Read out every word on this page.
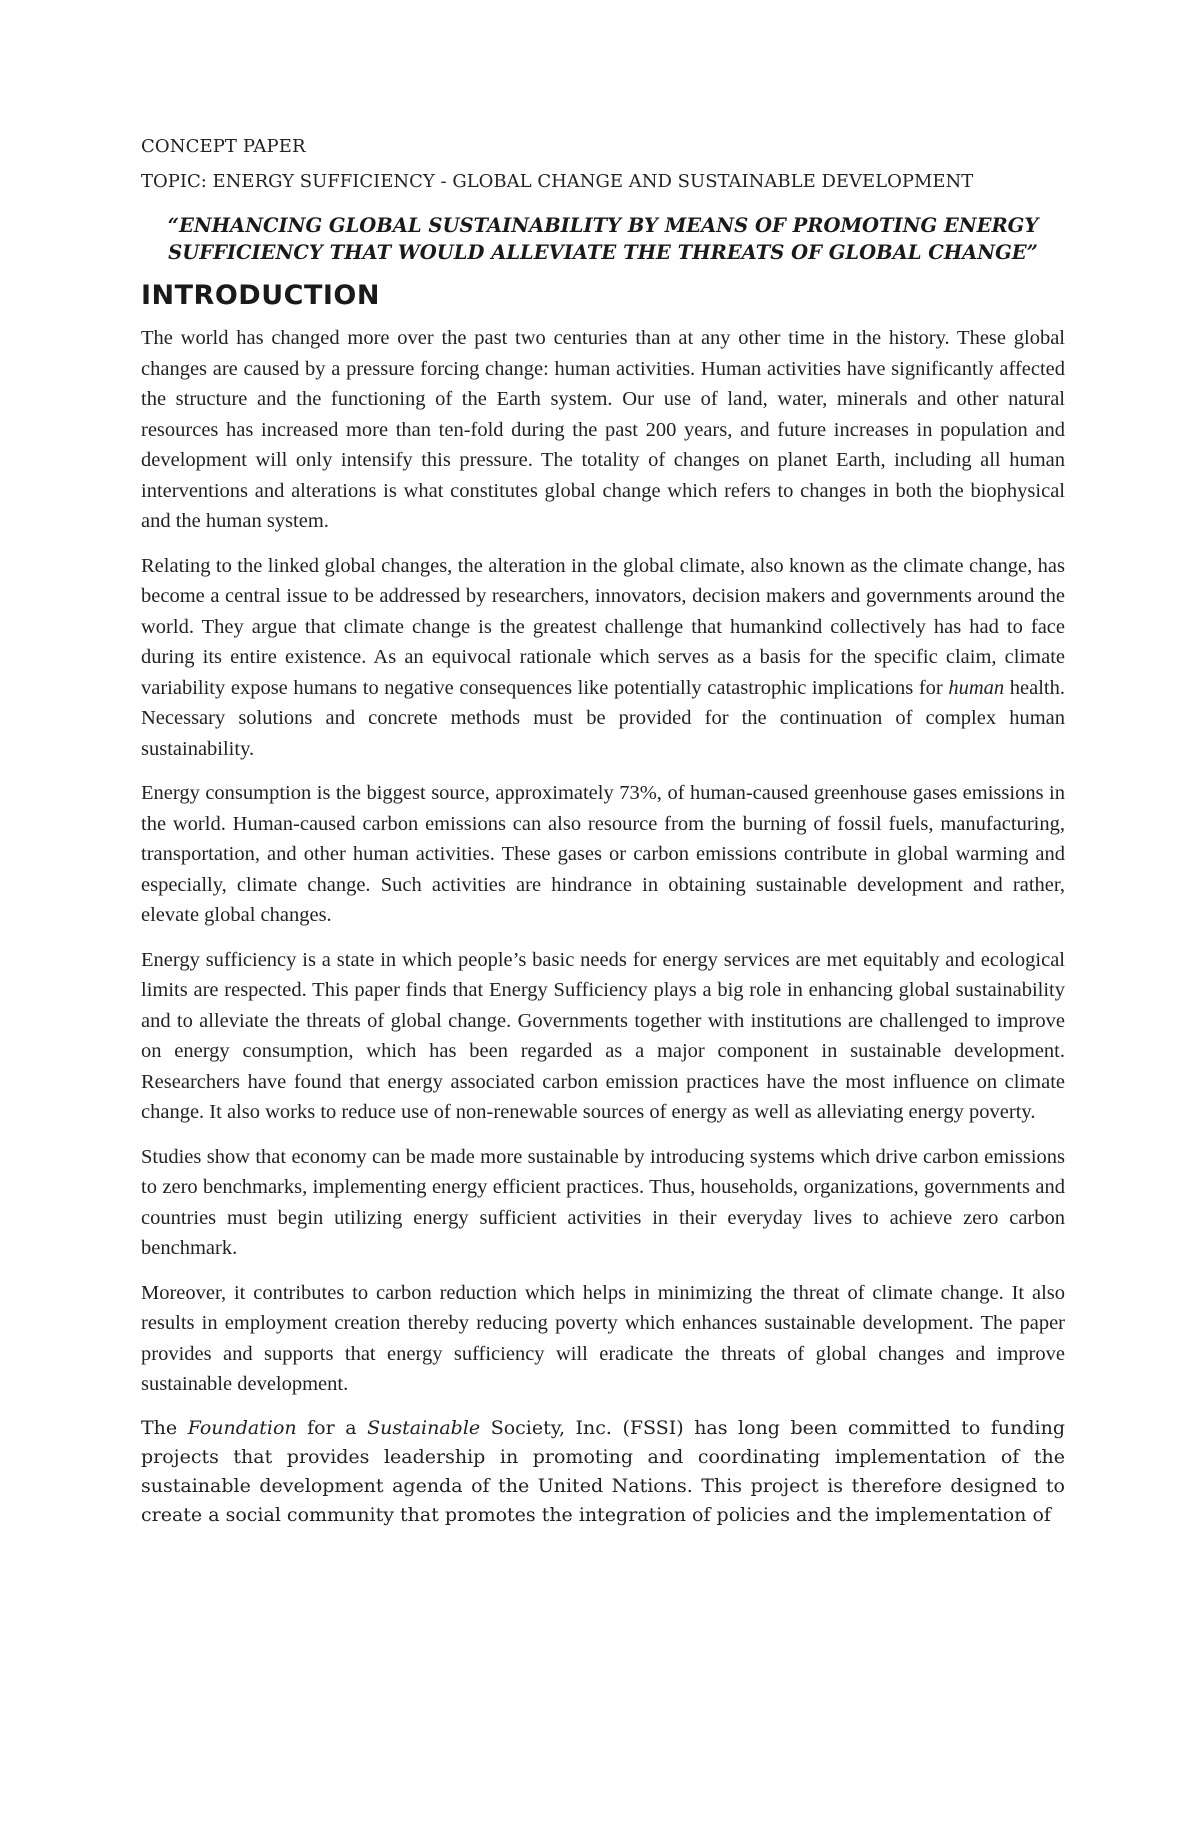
CONCEPT PAPER

TOPIC: ENERGY SUFFICIENCY - GLOBAL CHANGE AND SUSTAINABLE DEVELOPMENT

“ENHANCING GLOBAL SUSTAINABILITY BY MEANS OF PROMOTING ENERGY
SUFFICIENCY THAT WOULD ALLEVIATE THE THREATS OF GLOBAL CHANGE”
INTRODUCTION

The world has changed more over the past two centuries than at any other time in the history. These global changes are caused by a pressure forcing change: human activities. Human activities have significantly affected the structure and the functioning of the Earth system. Our use of land, water, minerals and other natural resources has increased more than ten-fold during the past 200 years, and future increases in population and development will only intensify this pressure. The totality of changes on planet Earth, including all human interventions and alterations is what constitutes global change which refers to changes in both the biophysical and the human system.

Relating to the linked global changes, the alteration in the global climate, also known as the climate change, has become a central issue to be addressed by researchers, innovators, decision makers and governments around the world. They argue that climate change is the greatest challenge that humankind collectively has had to face during its entire existence. As an equivocal rationale which serves as a basis for the specific claim, climate variability expose humans to negative consequences like potentially catastrophic implications for human health. Necessary solutions and concrete methods must be provided for the continuation of complex human sustainability.

Energy consumption is the biggest source, approximately 73%, of human-caused greenhouse gases emissions in the world. Human-caused carbon emissions can also resource from the burning of fossil fuels, manufacturing, transportation, and other human activities. These gases or carbon emissions contribute in global warming and especially, climate change. Such activities are hindrance in obtaining sustainable development and rather, elevate global changes.

Energy sufficiency is a state in which people’s basic needs for energy services are met equitably and ecological limits are respected. This paper finds that Energy Sufficiency plays a big role in enhancing global sustainability and to alleviate the threats of global change. Governments together with institutions are challenged to improve on energy consumption, which has been regarded as a major component in sustainable development. Researchers have found that energy associated carbon emission practices have the most influence on climate change. It also works to reduce use of non-renewable sources of energy as well as alleviating energy poverty.

Studies show that economy can be made more sustainable by introducing systems which drive carbon emissions to zero benchmarks, implementing energy efficient practices. Thus, households, organizations, governments and countries must begin utilizing energy sufficient activities in their everyday lives to achieve zero carbon benchmark.

Moreover, it contributes to carbon reduction which helps in minimizing the threat of climate change. It also results in employment creation thereby reducing poverty which enhances sustainable development. The paper provides and supports that energy sufficiency will eradicate the threats of global changes and improve sustainable development.

The Foundation for a Sustainable Society, Inc. (FSSI) has long been committed to funding projects that provides leadership in promoting and coordinating implementation of the sustainable development agenda of the United Nations. This project is therefore designed to create a social community that promotes the integration of policies and the implementation of
